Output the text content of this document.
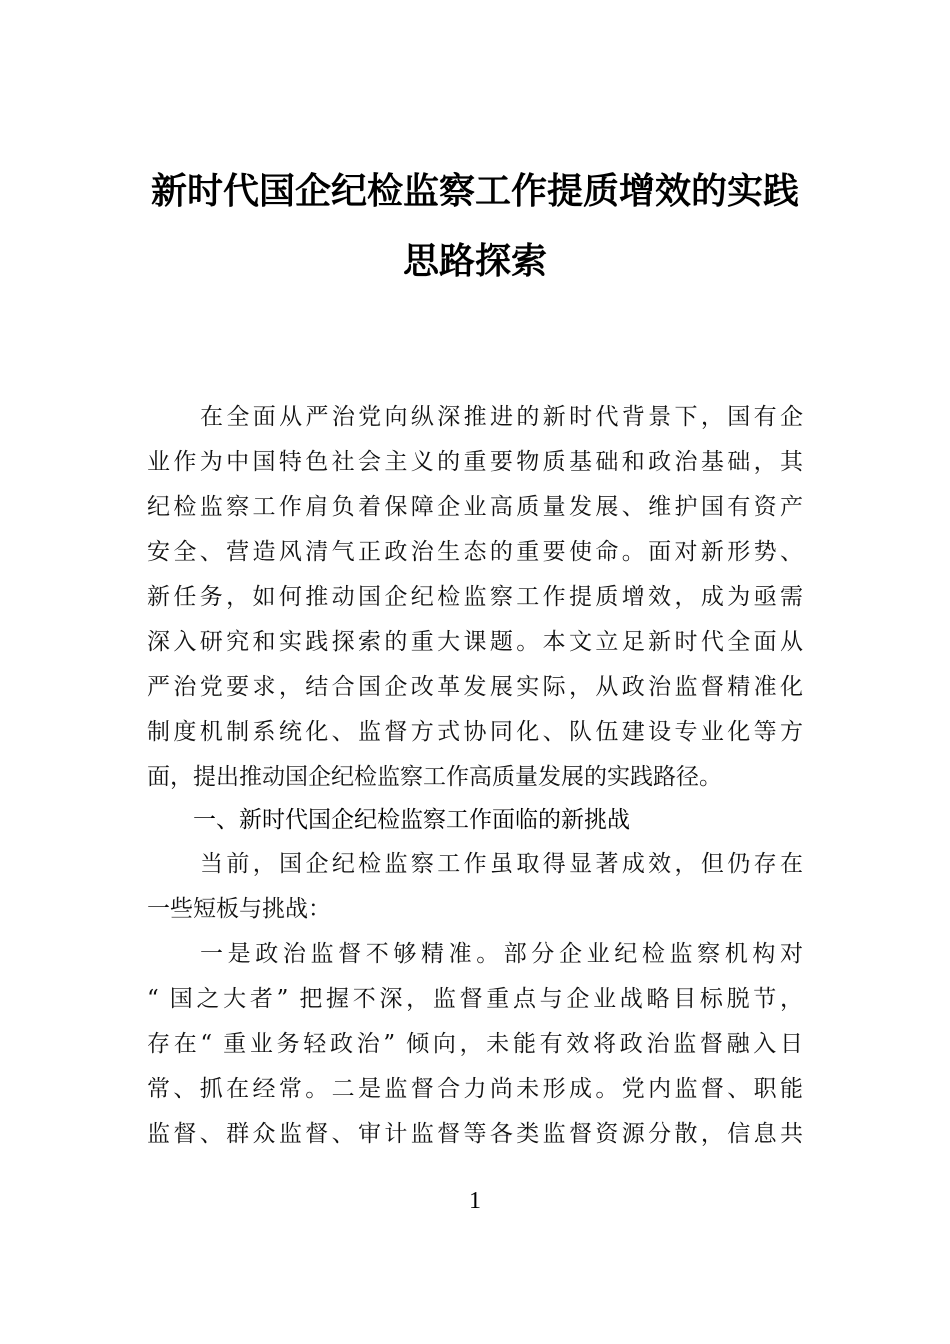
新时代国企纪检监察工作提质增效的实践
思路探索
在全面从严治党向纵深推进的新时代背景下，国有企
业作为中国特色社会主义的重要物质基础和政治基础，其
纪检监察工作肩负着保障企业高质量发展、维护国有资产
安全、营造风清气正政治生态的重要使命。面对新形势、
新任务，如何推动国企纪检监察工作提质增效，成为亟需
深入研究和实践探索的重大课题。本文立足新时代全面从
严治党要求，结合国企改革发展实际，从政治监督精准化
制度机制系统化、监督方式协同化、队伍建设专业化等方
面，提出推动国企纪检监察工作高质量发展的实践路径。
一、新时代国企纪检监察工作面临的新挑战
当前，国企纪检监察工作虽取得显著成效，但仍存在
一些短板与挑战：
一是政治监督不够精准。部分企业纪检监察机构对
“ 国之大者” 把握不深，监督重点与企业战略目标脱节，
存在“ 重业务轻政治” 倾向，未能有效将政治监督融入日
常、抓在经常。二是监督合力尚未形成。党内监督、职能
监督、群众监督、审计监督等各类监督资源分散，信息共
1
